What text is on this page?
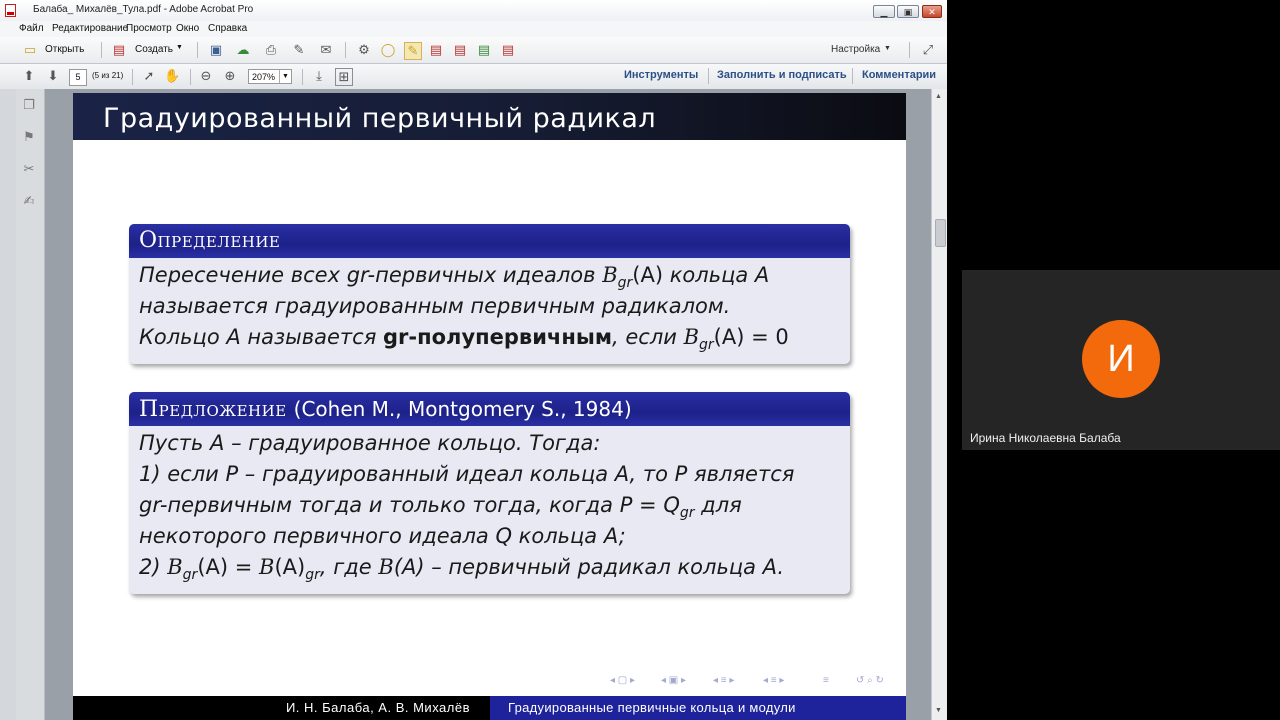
Балаба_ Михалёв_Тула.pdf - Adobe Acrobat Pro	▁	▣	✕
Файл Редактирование
Просмотр Окно Справка
▭ Открыть ▤ Создать ▼ ▣ ☁ ⎙ ✎ ✉ ⚙ ◯ ✎ ▤ ▤ ▤ ▤	Настройка ▼ ⤢
⬆ ⬇	5	(5 из 21) ➚ ✋ ⊖ ⊕	207%	▼	⤓	⊞	Инструменты Заполнить и подписать Комментарии
❐
⚑
✂
✍
▲
▼
Градуированный первичный радикал
Определение
Пересечение всех gr-первичных идеалов $B_{gr}(A)$ кольца A
называется градуированным первичным радикалом.
Кольцо A называется gr-полупервичным, если $B_{gr}(A) = 0$
Предложение (Cohen M., Montgomery S., 1984)
Пусть A – градуированное кольцо. Тогда:
1) если P – градуированный идеал кольца A, то P является
gr-первичным тогда и только тогда, когда $P = Q_{gr}$ для
некоторого первичного идеала Q кольца A;
2) $B_{gr}(A) = B(A)_{gr}$, где B(A) – первичный радикал кольца A.
◂ ▢ ▸	◂ ▣ ▸	◂ ≡ ▸	◂ ≡ ▸	≡	↺ ⌕ ↻
И. Н. Балаба, А. В. Михалёв	Градуированные первичные кольца и модули
И
Ирина Николаевна Балаба
